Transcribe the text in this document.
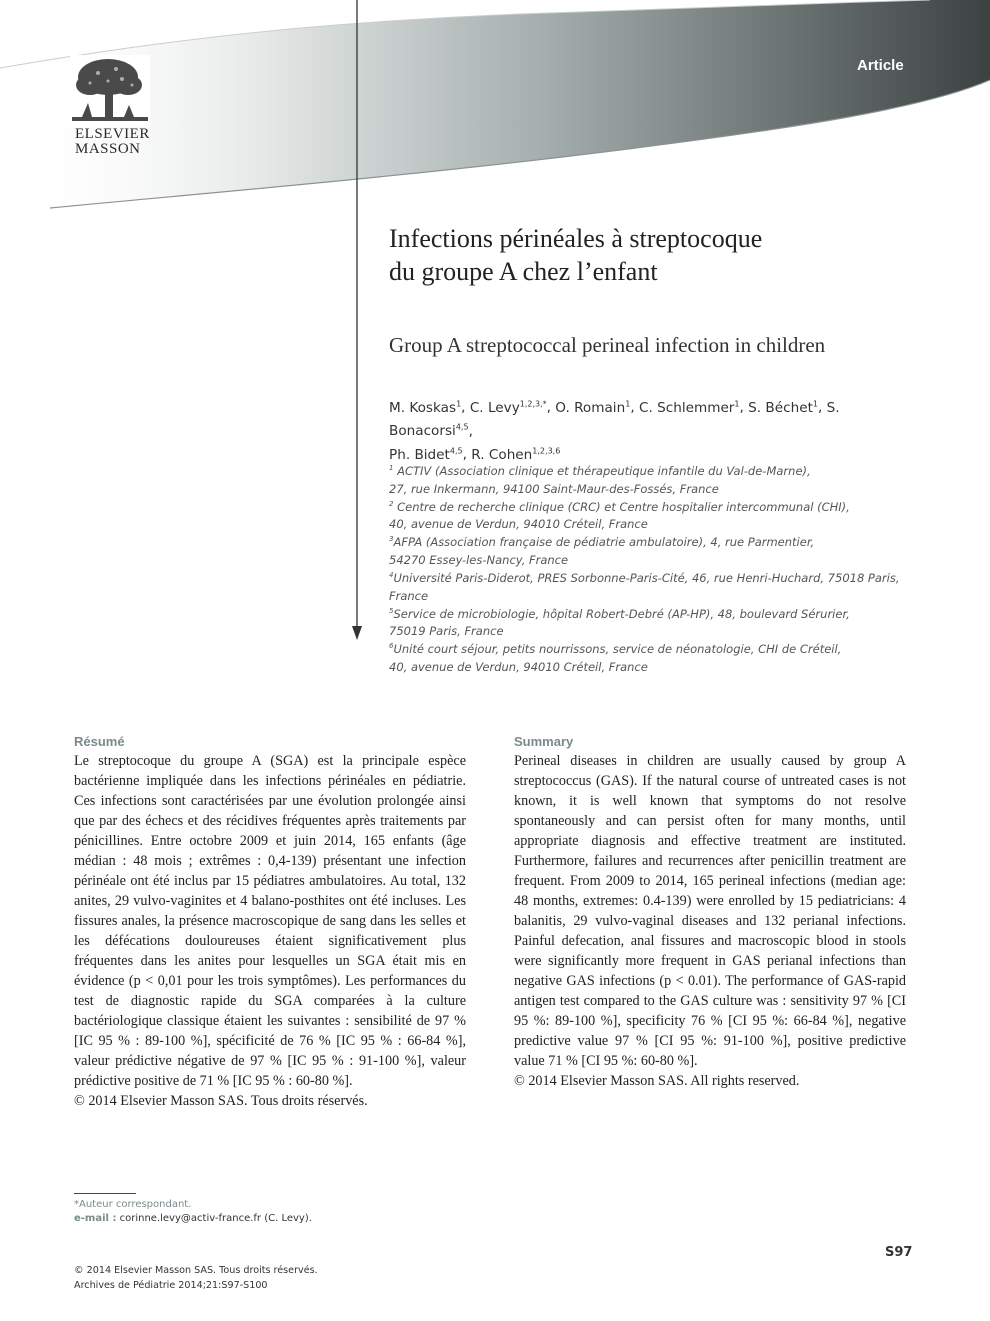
ELSEVIER
MASSON
Article
Infections périnéales à streptocoque
du groupe A chez l’enfant
Group A streptococcal perineal infection in children
M. Koskas$^1$, C. Levy$^{1,2,3,*}$, O. Romain$^1$, C. Schlemmer$^1$, S. Béchet$^1$, S. Bonacorsi$^{4,5}$,
Ph. Bidet$^{4,5}$, R. Cohen$^{1,2,3,6}$
$^1$ ACTIV (Association clinique et thérapeutique infantile du Val-de-Marne),
27, rue Inkermann, 94100 Saint-Maur-des-Fossés, France
$^2$ Centre de recherche clinique (CRC) et Centre hospitalier intercommunal (CHI),
40, avenue de Verdun, 94010 Créteil, France
$^3$AFPA (Association française de pédiatrie ambulatoire), 4, rue Parmentier,
54270 Essey-les-Nancy, France
$^4$Université Paris-Diderot, PRES Sorbonne-Paris-Cité, 46, rue Henri-Huchard, 75018 Paris,
France
$^5$Service de microbiologie, hôpital Robert-Debré (AP-HP), 48, boulevard Sérurier,
75019 Paris, France
$^6$Unité court séjour, petits nourrissons, service de néonatologie, CHI de Créteil,
40, avenue de Verdun, 94010 Créteil, France
Résumé
Le streptocoque du groupe A (SGA) est la principale espèce bactérienne impliquée dans les infections périnéales en pédiatrie. Ces infections sont caractérisées par une évolution prolongée ainsi que par des échecs et des récidives fréquentes après traitements par pénicillines. Entre octobre 2009 et juin 2014, 165 enfants (âge médian : 48 mois ; extrêmes : 0,4-139) présentant une infection périnéale ont été inclus par 15 pédiatres ambulatoires. Au total, 132 anites, 29 vulvo-vaginites et 4 balano-posthites ont été incluses. Les fissures anales, la présence macroscopique de sang dans les selles et les défécations douloureuses étaient significativement plus fréquentes dans les anites pour lesquelles un SGA était mis en évidence (p < 0,01 pour les trois symptômes). Les performances du test de diagnostic rapide du SGA comparées à la culture bactériologique classique étaient les suivantes : sensibilité de 97 % [IC 95 % : 89-100 %], spécificité de 76 % [IC 95 % : 66-84 %], valeur prédictive négative de 97 % [IC 95 % : 91-100 %], valeur prédictive positive de 71 % [IC 95 % : 60-80 %].
© 2014 Elsevier Masson SAS. Tous droits réservés.
Summary
Perineal diseases in children are usually caused by group A streptococcus (GAS). If the natural course of untreated cases is not known, it is well known that symptoms do not resolve spontaneously and can persist often for many months, until appropriate diagnosis and effective treatment are instituted. Furthermore, failures and recurrences after penicillin treatment are frequent. From 2009 to 2014, 165 perineal infections (median age: 48 months, extremes: 0.4-139) were enrolled by 15 pediatricians: 4 balanitis, 29 vulvo-vaginal diseases and 132 perianal infections. Painful defecation, anal fissures and macroscopic blood in stools were significantly more frequent in GAS perianal infections than negative GAS infections (p < 0.01). The performance of GAS-rapid antigen test compared to the GAS culture was : sensitivity 97 % [CI 95 %: 89-100 %], specificity 76 % [CI 95 %: 66-84 %], negative predictive value 97 % [CI 95 %: 91-100 %], positive predictive value 71 % [CI 95 %: 60-80 %].
© 2014 Elsevier Masson SAS. All rights reserved.
*Auteur correspondant.
e-mail : corinne.levy@activ-france.fr (C. Levy).
S97
© 2014 Elsevier Masson SAS. Tous droits réservés.
Archives de Pédiatrie 2014;21:S97-S100
